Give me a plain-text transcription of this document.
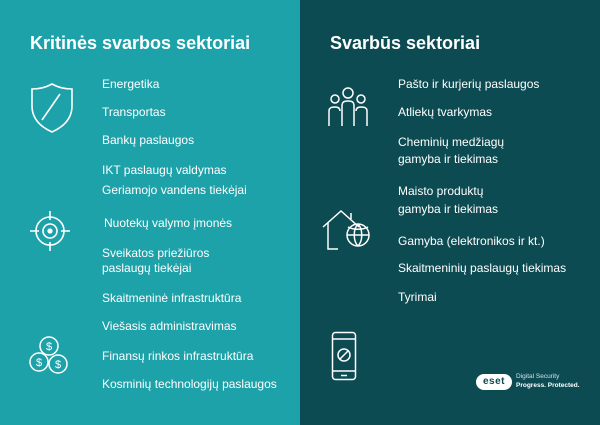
Kritinės svarbos sektoriai
Energetika
Transportas
Bankų paslaugos
IKT paslaugų valdymas
Geriamojo vandens tiekėjai
Nuotekų valymo įmonės
Sveikatos priežiūros
paslaugų tiekėjai
Skaitmeninė infrastruktūra
Viešasis administravimas
Finansų rinkos infrastruktūra
Kosminių technologijų paslaugos
$
$ $
Svarbūs sektoriai
Pašto ir kurjerių paslaugos
Atliekų tvarkymas
Cheminių medžiagų
gamyba ir tiekimas
Maisto produktų
gamyba ir tiekimas
Gamyba (elektronikos ir kt.)
Skaitmeninių paslaugų tiekimas
Tyrimai
eset	Digital Security
Progress. Protected.
